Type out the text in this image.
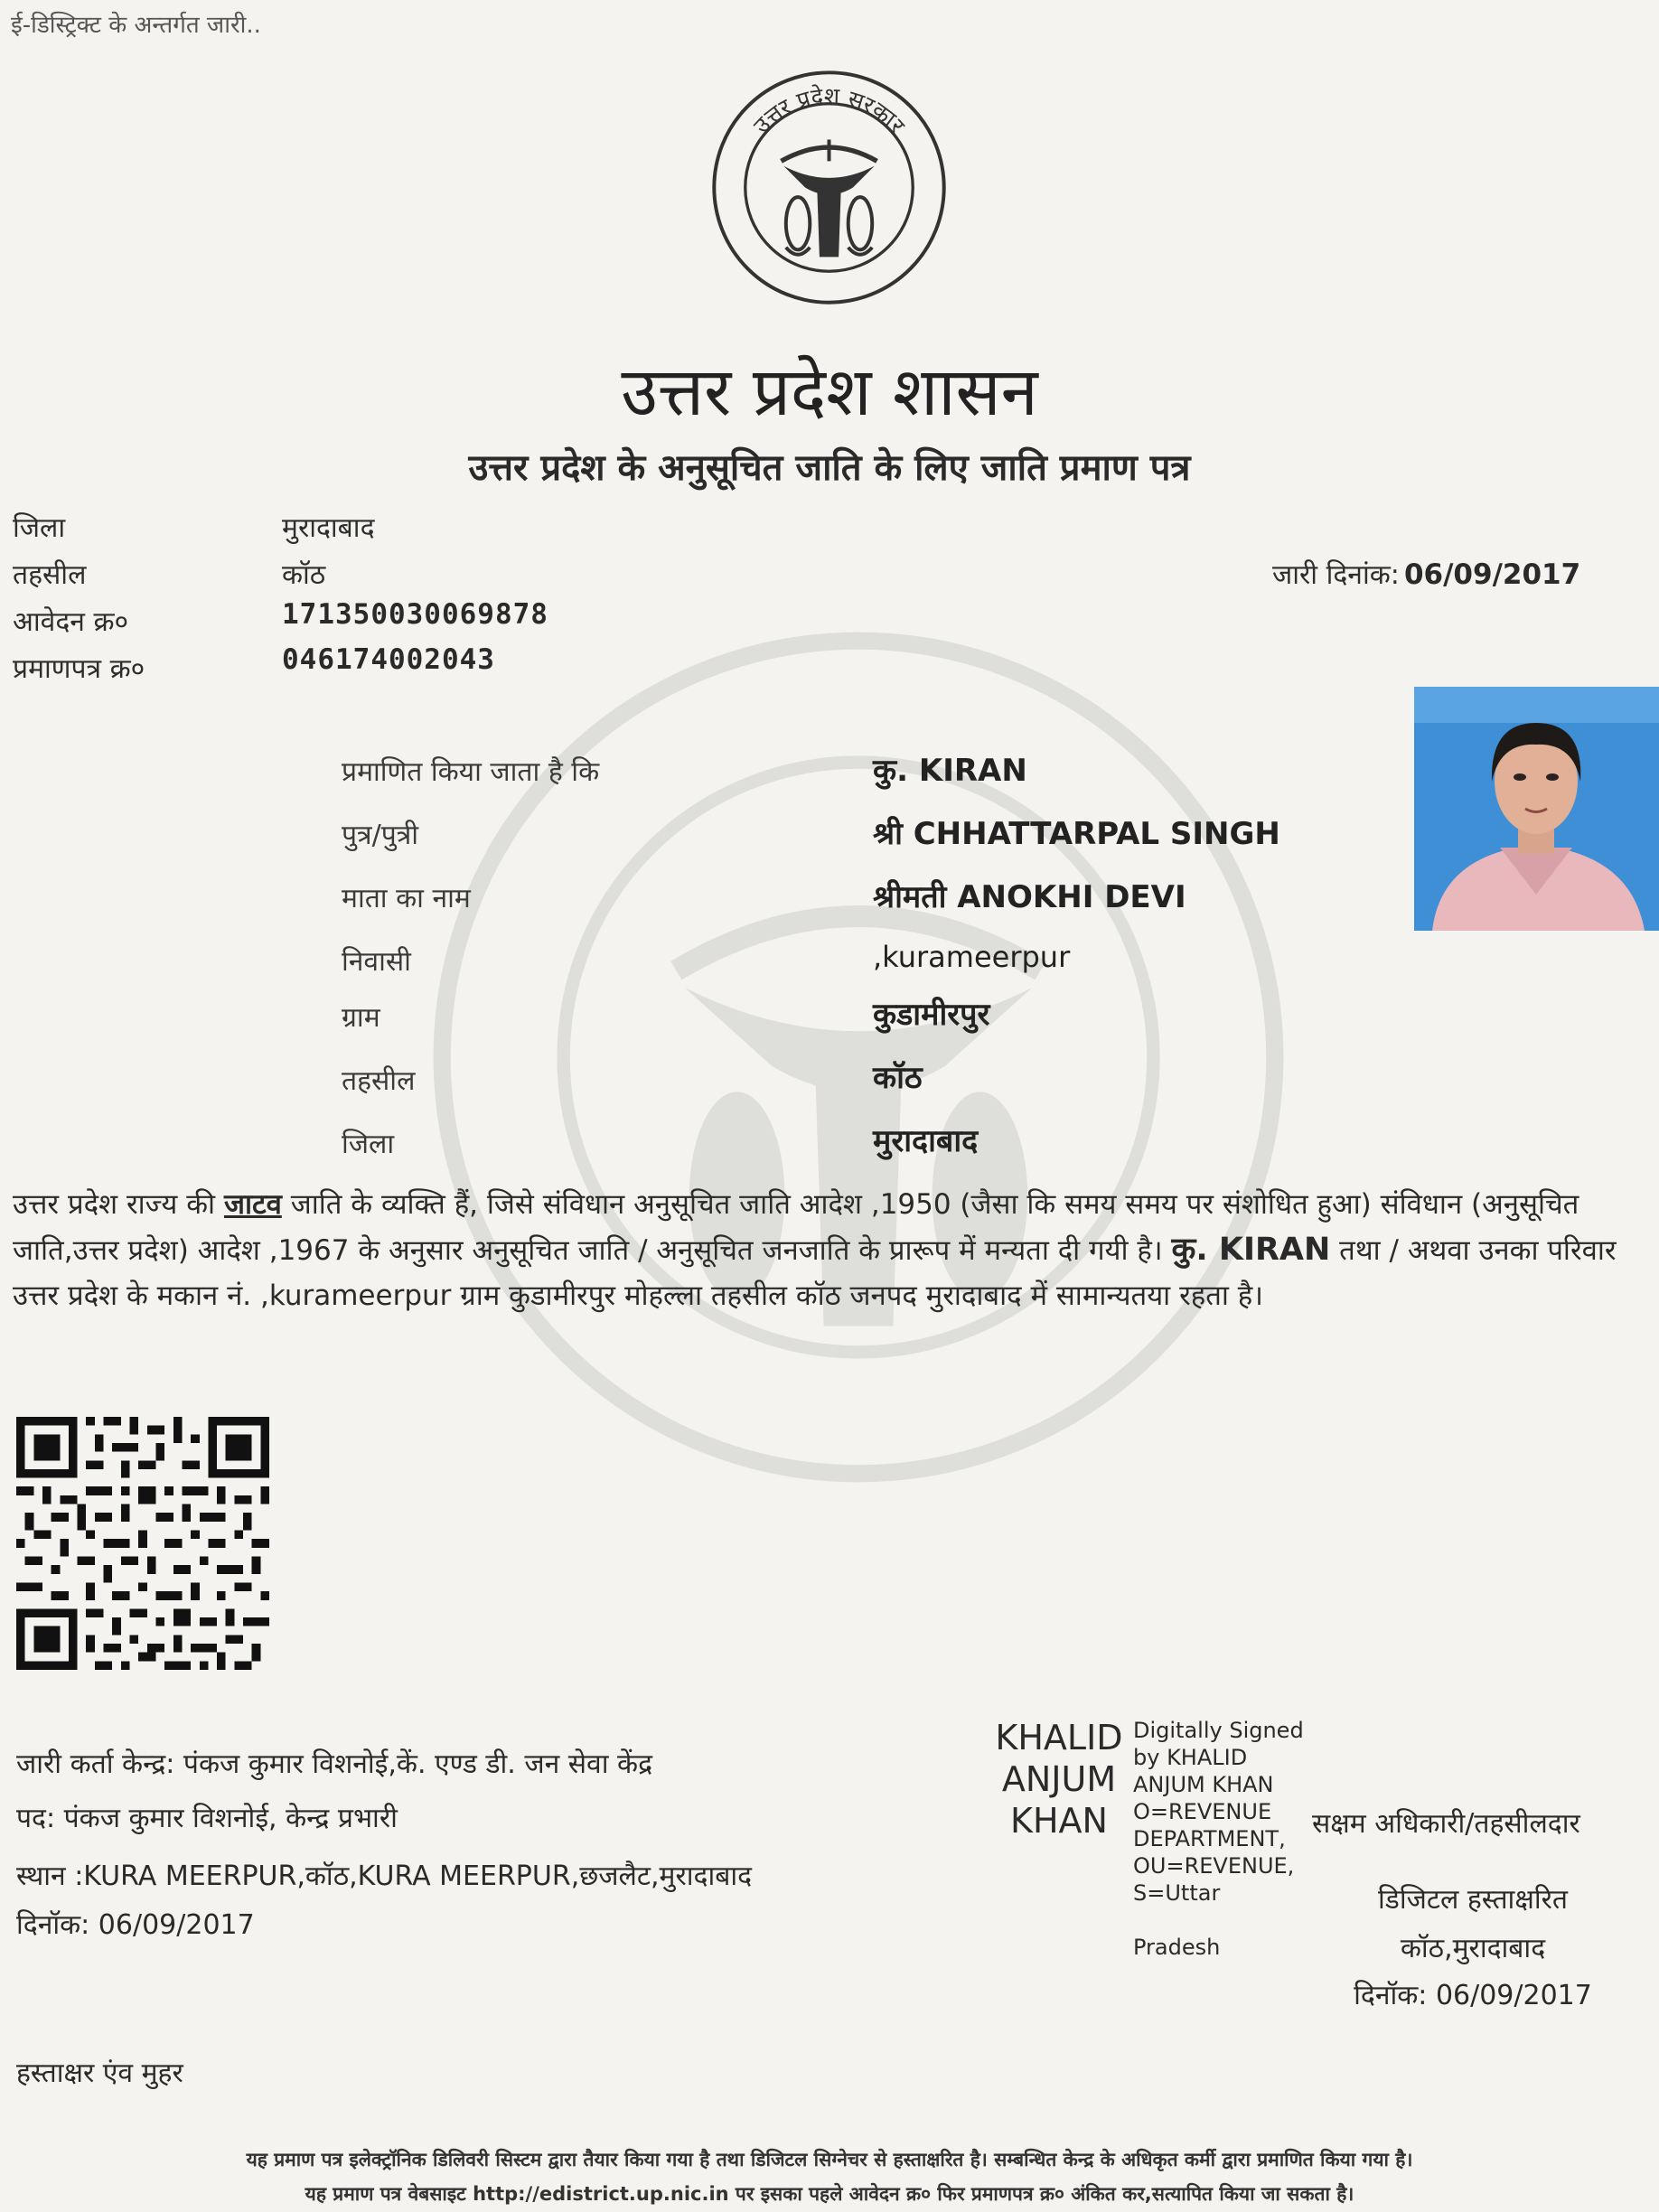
ई-डिस्ट्रिक्ट के अन्तर्गत जारी..
उत्तर प्रदेश सरकार
उत्तर प्रदेश शासन
उत्तर प्रदेश के अनुसूचित जाति के लिए जाति प्रमाण पत्र
जिला	मुरादाबाद
तहसील	कॉठ
आवेदन क्र०	171350030069878
प्रमाणपत्र क्र०	046174002043
जारी दिनांक: 06/09/2017
प्रमाणित किया जाता है कि	कु. KIRAN
पुत्र/पुत्री	श्री CHHATTARPAL SINGH
माता का नाम	श्रीमती ANOKHI DEVI
निवासी	,kurameerpur
ग्राम	कुडामीरपुर
तहसील	कॉठ
जिला	मुरादाबाद
उत्तर प्रदेश राज्य की जाटव जाति के व्यक्ति हैं, जिसे संविधान अनुसूचित जाति आदेश ,1950 (जैसा कि समय समय पर संशोधित हुआ) संविधान (अनुसूचित जाति,उत्तर प्रदेश) आदेश ,1967 के अनुसार अनुसूचित जाति / अनुसूचित जनजाति के प्रारूप में मन्यता दी गयी है। कु. KIRAN तथा / अथवा उनका परिवार उत्तर प्रदेश के मकान नं. ,kurameerpur ग्राम कुडामीरपुर मोहल्ला तहसील कॉठ जनपद मुरादाबाद में सामान्यतया रहता है।
जारी कर्ता केन्द्र: पंकज कुमार विशनोई,कें. एण्ड डी. जन सेवा केंद्र
पद: पंकज कुमार विशनोई, केन्द्र प्रभारी
स्थान :KURA MEERPUR,कॉठ,KURA MEERPUR,छजलैट,मुरादाबाद
दिनॉक: 06/09/2017
KHALID
ANJUM
KHAN
Digitally Signed
by KHALID
ANJUM KHAN
O=REVENUE
DEPARTMENT,
OU=REVENUE,
S=Uttar
Pradesh
सक्षम अधिकारी/तहसीलदार
डिजिटल हस्ताक्षरित
कॉठ,मुरादाबाद
दिनॉक: 06/09/2017
हस्ताक्षर एंव मुहर
यह प्रमाण पत्र इलेक्ट्रॉनिक डिलिवरी सिस्टम द्वारा तैयार किया गया है तथा डिजिटल सिग्नेचर से हस्ताक्षरित है। सम्बन्धित केन्द्र के अधिकृत कर्मी द्वारा प्रमाणित किया गया है।
यह प्रमाण पत्र वेबसाइट http://edistrict.up.nic.in पर इसका पहले आवेदन क्र० फिर प्रमाणपत्र क्र० अंकित कर,सत्यापित किया जा सकता है।
